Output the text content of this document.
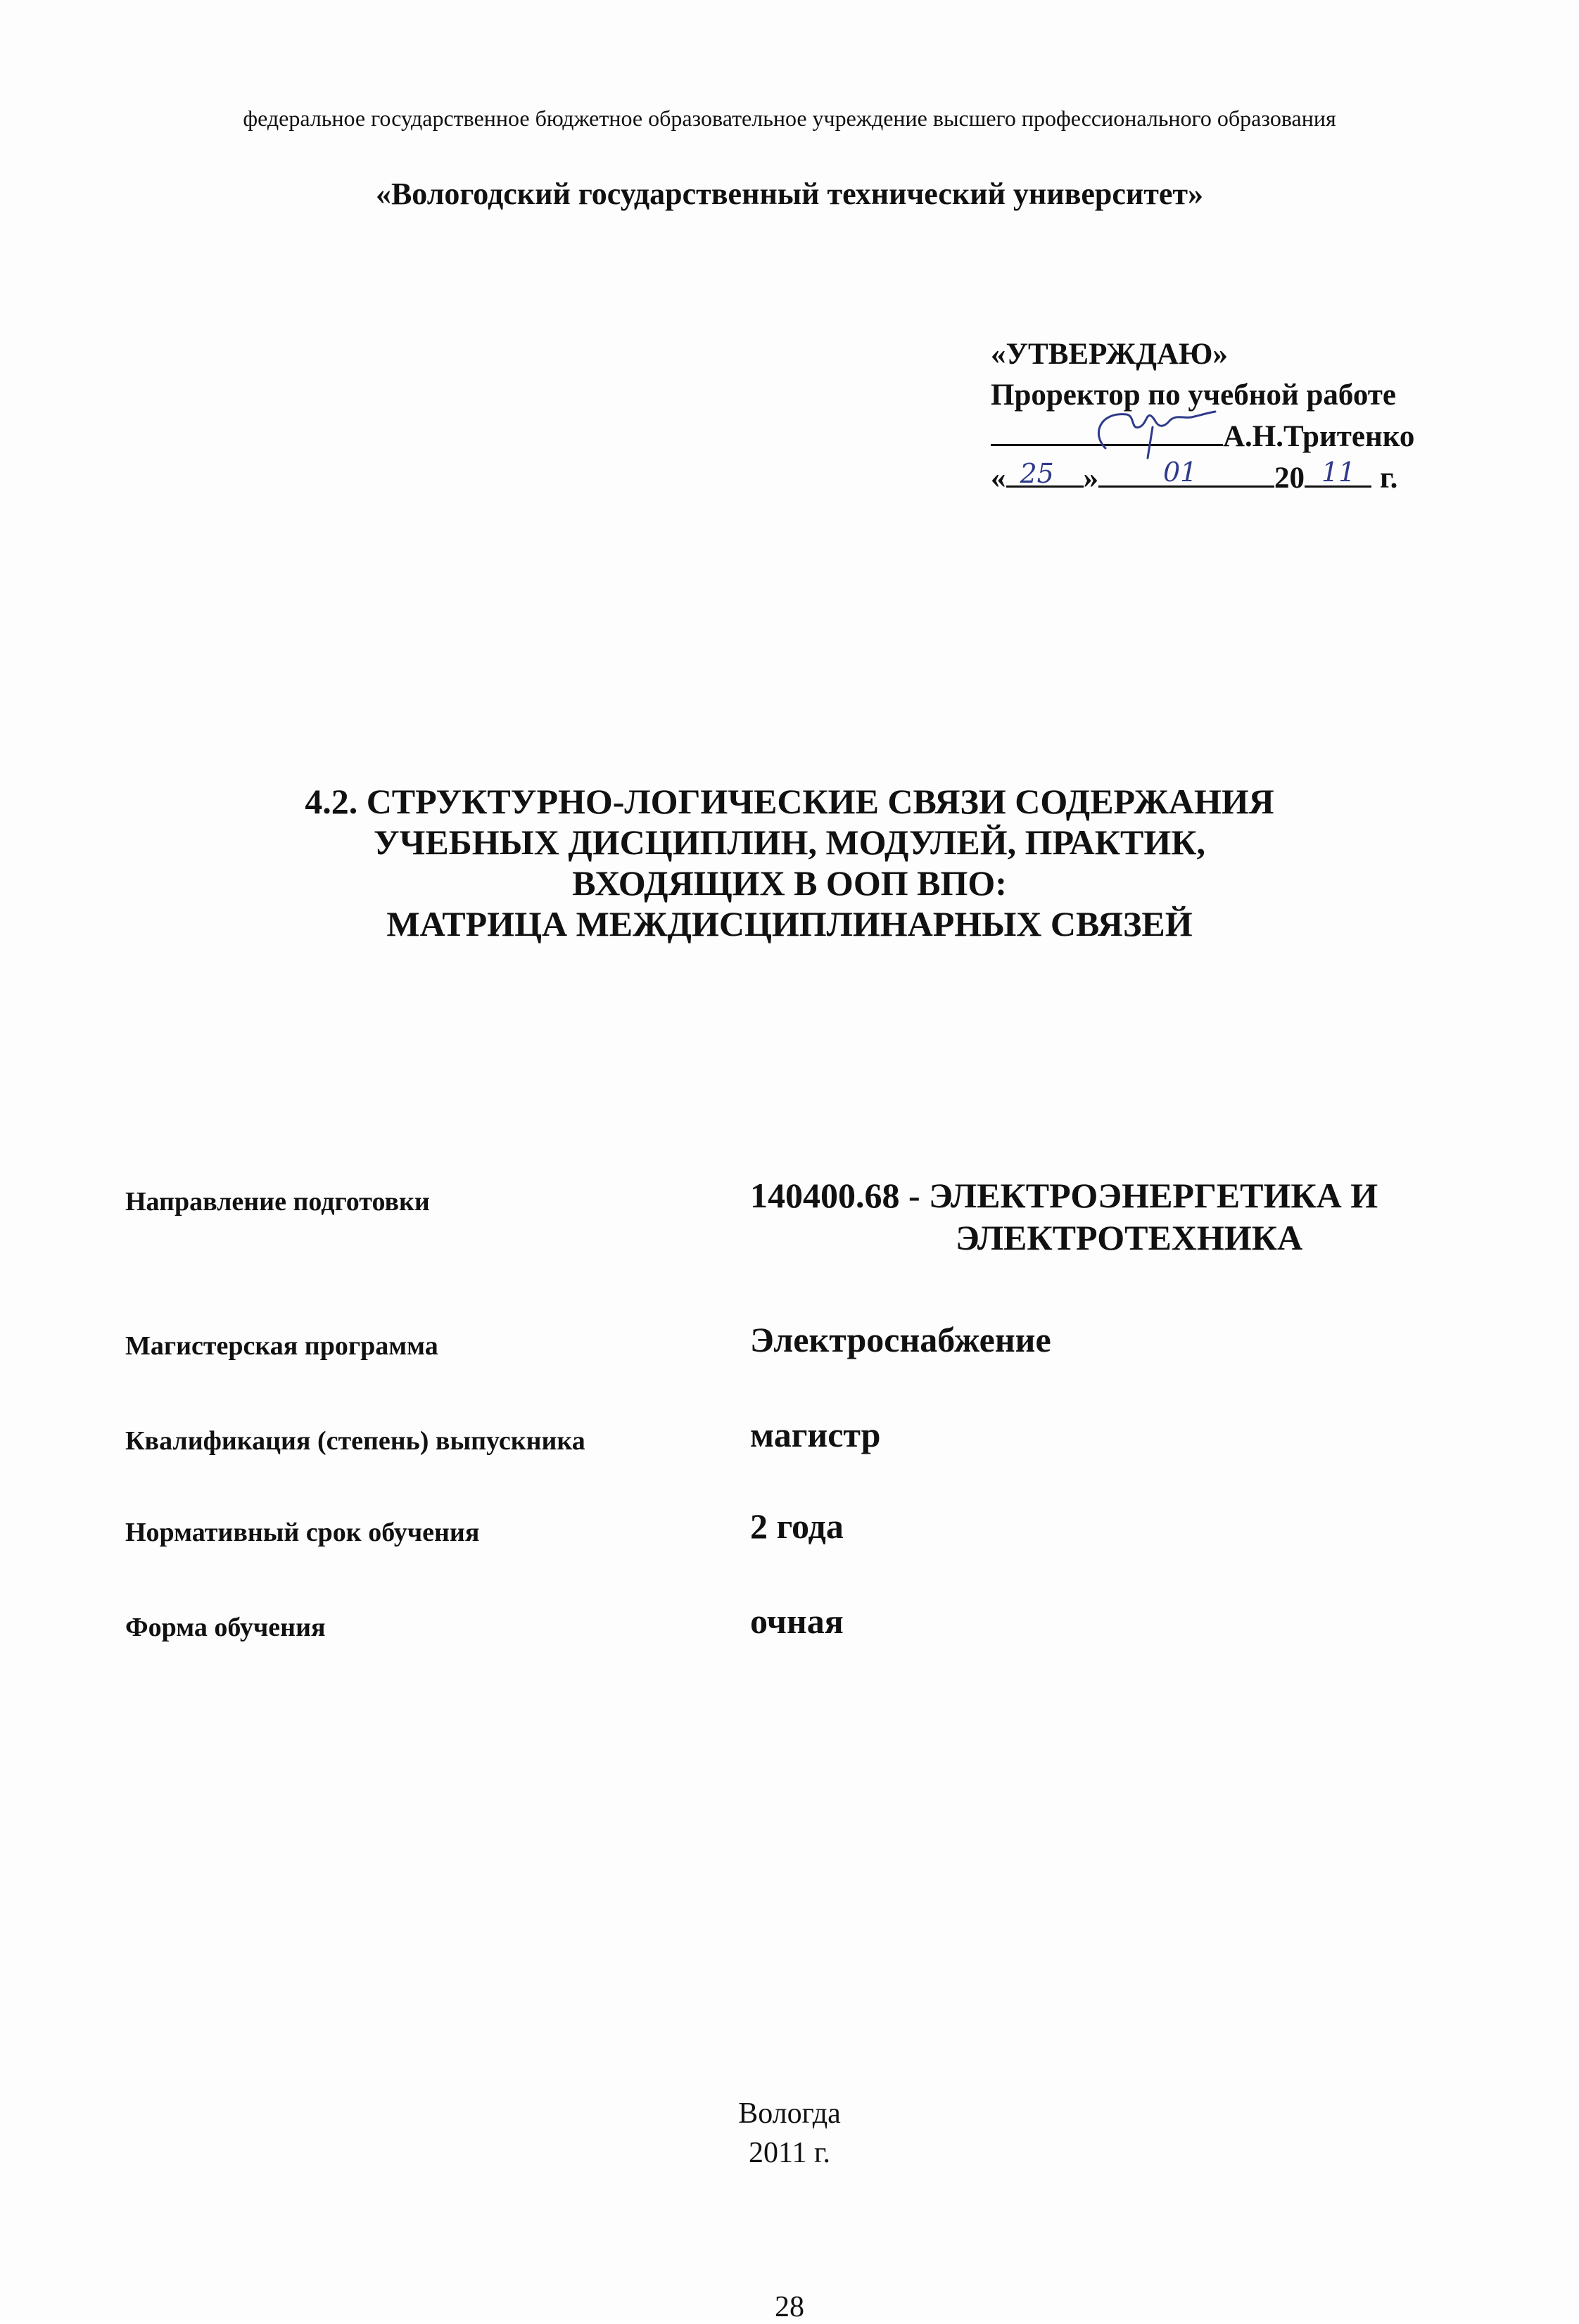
федеральное государственное бюджетное образовательное учреждение высшего профессионального образования
«Вологодский государственный технический университет»
«УТВЕРЖДАЮ»
Проректор по учебной работе
А.Н.Тритенко
« 25 » 01	20 11 г.
4.2. СТРУКТУРНО-ЛОГИЧЕСКИЕ СВЯЗИ СОДЕРЖАНИЯ
УЧЕБНЫХ ДИСЦИПЛИН, МОДУЛЕЙ, ПРАКТИК,
ВХОДЯЩИХ В ООП ВПО:
МАТРИЦА МЕЖДИСЦИПЛИНАРНЫХ СВЯЗЕЙ
Направление подготовки	140400.68 - ЭЛЕКТРОЭНЕРГЕТИКА И
ЭЛЕКТРОТЕХНИКА
Магистерская программа	Электроснабжение
Квалификация (степень) выпускника	магистр
Нормативный срок обучения	2 года
Форма обучения	очная
Вологда
2011 г.
28
